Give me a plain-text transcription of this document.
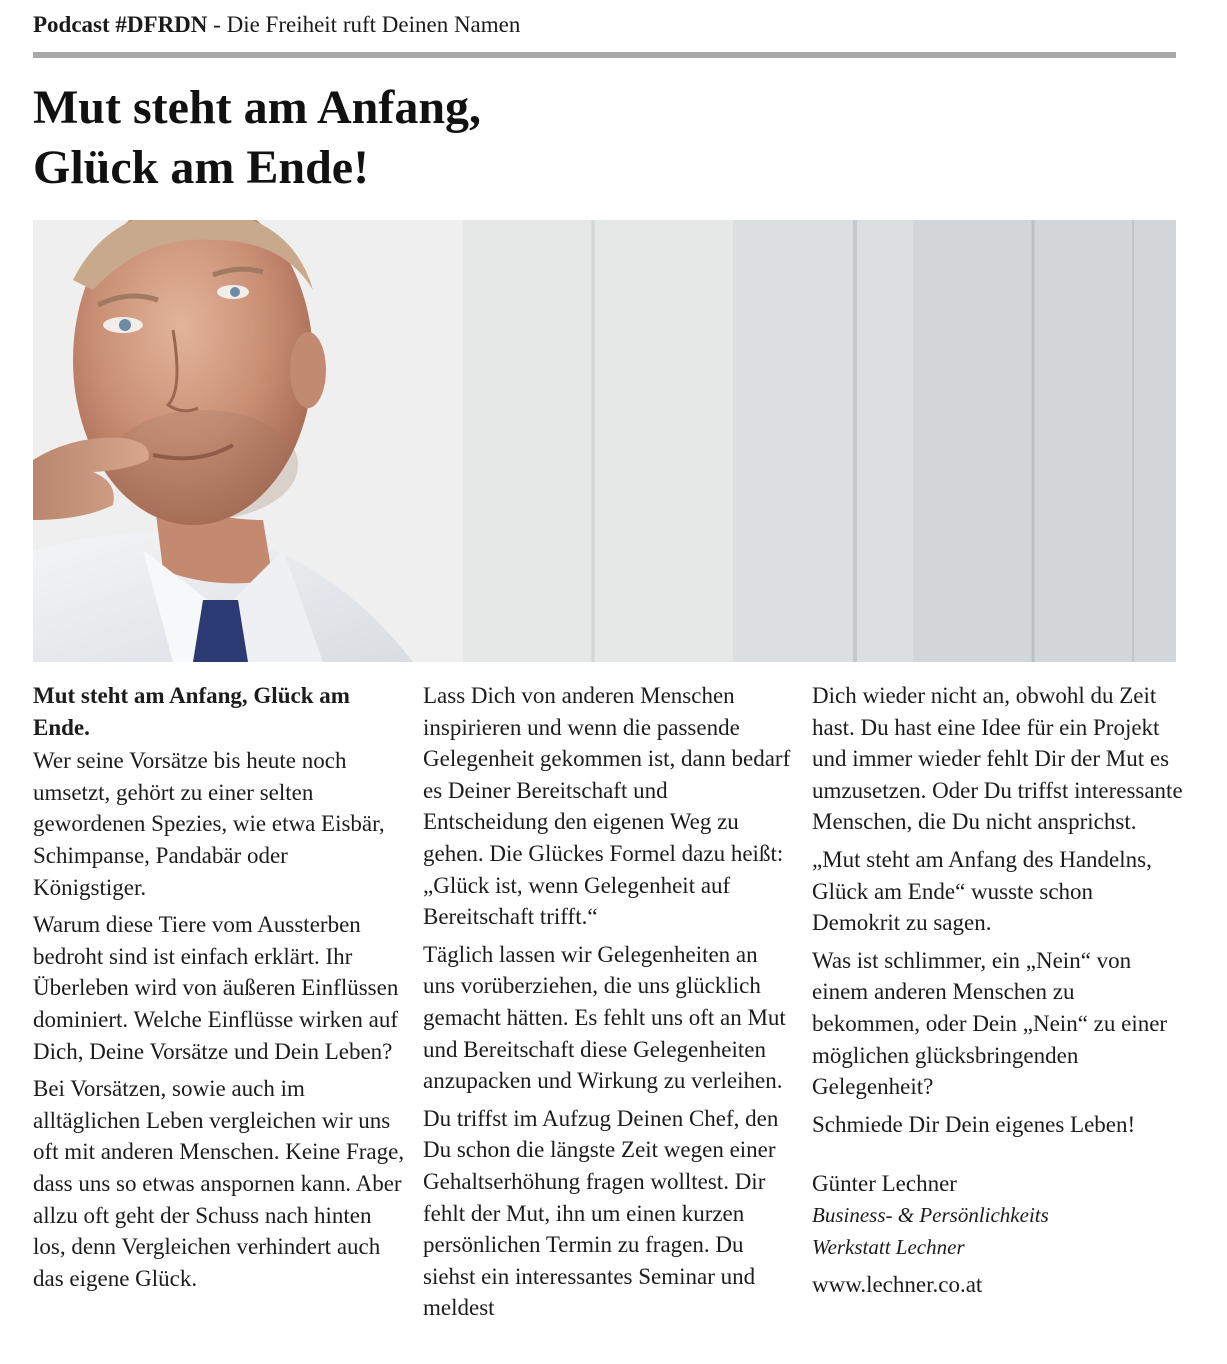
Podcast #DFRDN - Die Freiheit ruft Deinen Namen
Mut steht am Anfang,
Glück am Ende!

Mut steht am Anfang, Glück am Ende.

Wer seine Vorsätze bis heute noch umsetzt, gehört zu einer selten gewordenen Spezies, wie etwa Eisbär, Schimpanse, Pandabär oder Königstiger.

Warum diese Tiere vom Aussterben bedroht sind ist einfach erklärt. Ihr Überleben wird von äußeren Einflüssen dominiert. Welche Einflüsse wirken auf Dich, Deine Vorsätze und Dein Leben?

Bei Vorsätzen, sowie auch im alltäglichen Leben vergleichen wir uns oft mit anderen Menschen. Keine Frage, dass uns so etwas anspornen kann. Aber allzu oft geht der Schuss nach hinten los, denn Vergleichen verhindert auch das eigene Glück.

Lass Dich von anderen Menschen inspirieren und wenn die passende Gelegenheit gekommen ist, dann bedarf es Deiner Bereitschaft und Entscheidung den eigenen Weg zu gehen. Die Glückes Formel dazu heißt: „Glück ist, wenn Gelegenheit auf Bereitschaft trifft.“

Täglich lassen wir Gelegenheiten an uns vorüberziehen, die uns glücklich gemacht hätten. Es fehlt uns oft an Mut und Bereitschaft diese Gelegenheiten anzupacken und Wirkung zu verleihen.

Du triffst im Aufzug Deinen Chef, den Du schon die längste Zeit wegen einer Gehaltserhöhung fragen wolltest. Dir fehlt der Mut, ihn um einen kurzen persönlichen Termin zu fragen. Du siehst ein interessantes Seminar und meldest

Dich wieder nicht an, obwohl du Zeit hast. Du hast eine Idee für ein Projekt und immer wieder fehlt Dir der Mut es umzusetzen. Oder Du triffst interessante Menschen, die Du nicht ansprichst.

„Mut steht am Anfang des Handelns, Glück am Ende“ wusste schon Demokrit zu sagen.

Was ist schlimmer, ein „Nein“ von einem anderen Menschen zu bekommen, oder Dein „Nein“ zu einer möglichen glücksbringenden Gelegenheit?

Schmiede Dir Dein eigenes Leben!

Günter Lechner

Business- & Persönlichkeits

Werkstatt Lechner

www.lechner.co.at
